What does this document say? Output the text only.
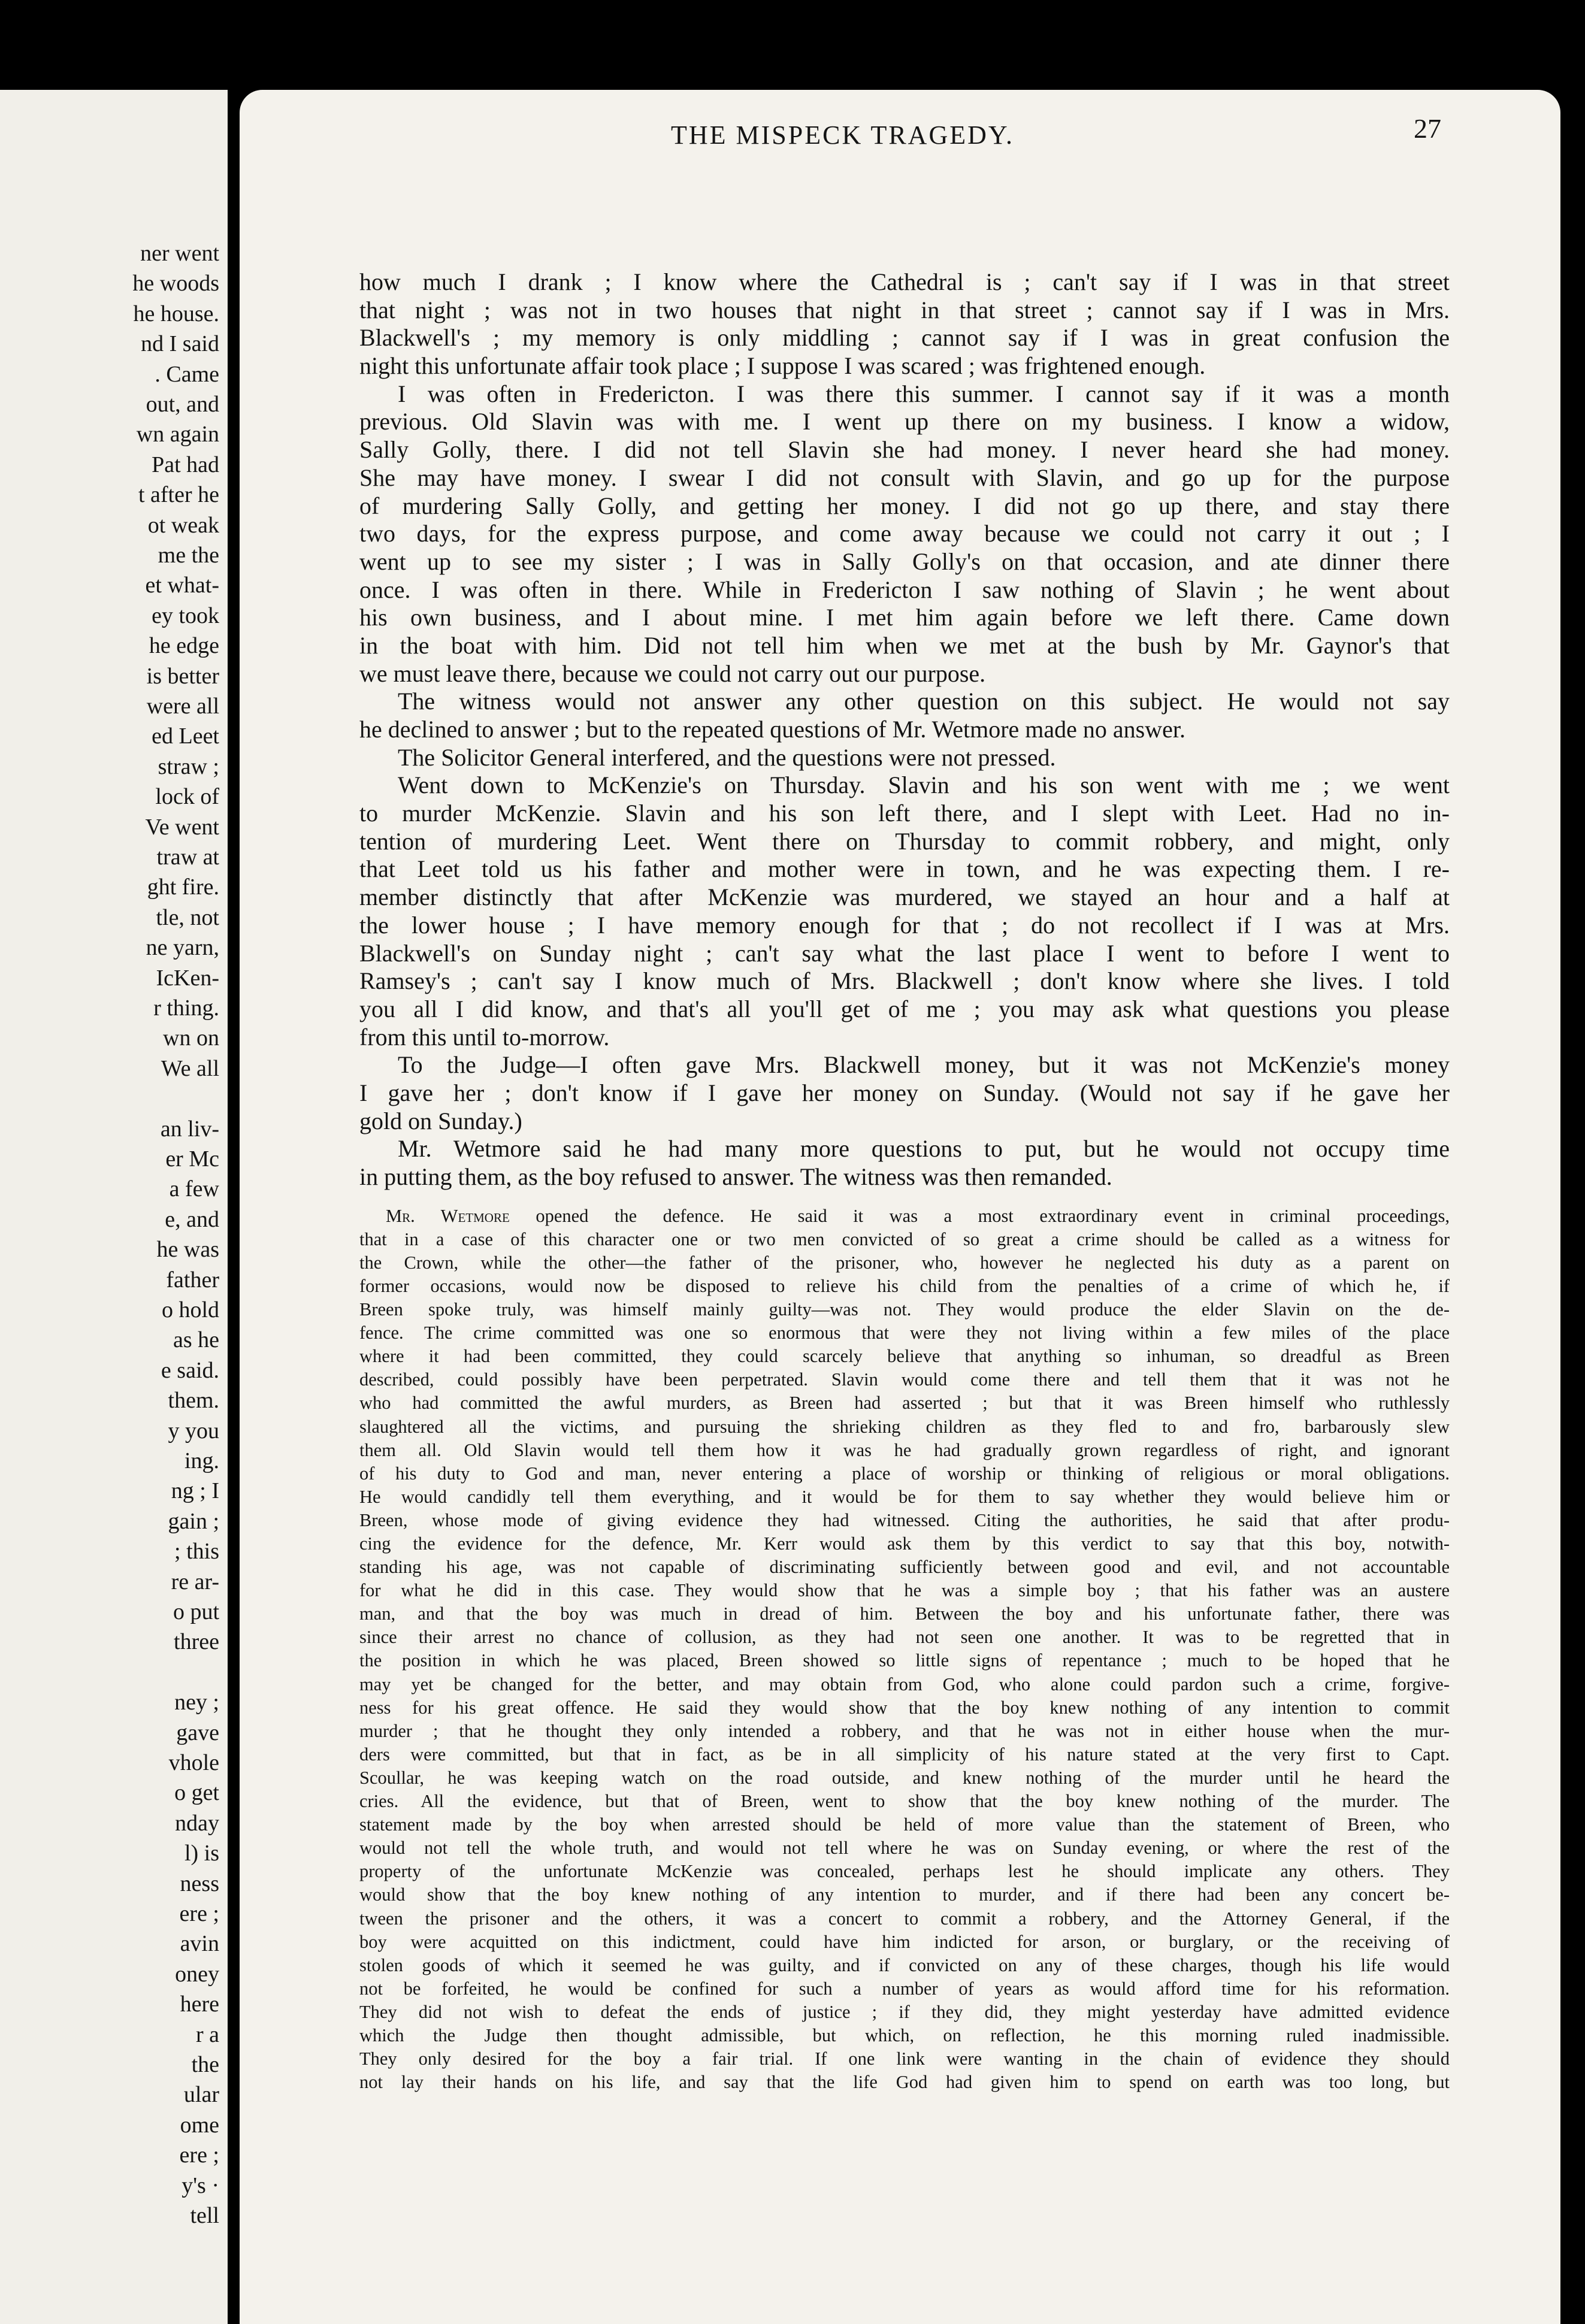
ner went
he woods
he house.
nd I said
. Came
out, and
wn again
Pat had
t after he
ot weak
me the
et what-
ey took
he edge
is better
were all
ed Leet
straw ;
lock of
Ve went
traw at
ght fire.
tle, not
ne yarn,
IcKen-
r thing.
wn on
We all
an liv-
er Mc
a few
e, and
he was
father
o hold
as he
e said.
them.
y you
ing.
ng ; I
gain ;
; this
re ar-
o put
three
ney ;
gave
vhole
o get
nday
l) is
ness
ere ;
avin
oney
here
r a
the
ular
ome
ere ;
y's ·
tell
THE MISPECK TRAGEDY.	27
how much I drank ; I know where the Cathedral is ; can't say if I was in that street
that night ; was not in two houses that night in that street ; cannot say if I was in Mrs.
Blackwell's ; my memory is only middling ; cannot say if I was in great confusion the
night this unfortunate affair took place ; I suppose I was scared ; was frightened enough.
I was often in Fredericton. I was there this summer. I cannot say if it was a month
previous. Old Slavin was with me. I went up there on my business. I know a widow,
Sally Golly, there. I did not tell Slavin she had money. I never heard she had money.
She may have money. I swear I did not consult with Slavin, and go up for the purpose
of murdering Sally Golly, and getting her money. I did not go up there, and stay there
two days, for the express purpose, and come away because we could not carry it out ; I
went up to see my sister ; I was in Sally Golly's on that occasion, and ate dinner there
once. I was often in there. While in Fredericton I saw nothing of Slavin ; he went about
his own business, and I about mine. I met him again before we left there. Came down
in the boat with him. Did not tell him when we met at the bush by Mr. Gaynor's that
we must leave there, because we could not carry out our purpose.
The witness would not answer any other question on this subject. He would not say
he declined to answer ; but to the repeated questions of Mr. Wetmore made no answer.
The Solicitor General interfered, and the questions were not pressed.
Went down to McKenzie's on Thursday. Slavin and his son went with me ; we went
to murder McKenzie. Slavin and his son left there, and I slept with Leet. Had no in-
tention of murdering Leet. Went there on Thursday to commit robbery, and might, only
that Leet told us his father and mother were in town, and he was expecting them. I re-
member distinctly that after McKenzie was murdered, we stayed an hour and a half at
the lower house ; I have memory enough for that ; do not recollect if I was at Mrs.
Blackwell's on Sunday night ; can't say what the last place I went to before I went to
Ramsey's ; can't say I know much of Mrs. Blackwell ; don't know where she lives. I told
you all I did know, and that's all you'll get of me ; you may ask what questions you please
from this until to-morrow.
To the Judge—I often gave Mrs. Blackwell money, but it was not McKenzie's money
I gave her ; don't know if I gave her money on Sunday. (Would not say if he gave her
gold on Sunday.)
Mr. Wetmore said he had many more questions to put, but he would not occupy time
in putting them, as the boy refused to answer. The witness was then remanded.
Mr. Wetmore opened the defence. He said it was a most extraordinary event in criminal proceedings,
that in a case of this character one or two men convicted of so great a crime should be called as a witness for
the Crown, while the other—the father of the prisoner, who, however he neglected his duty as a parent on
former occasions, would now be disposed to relieve his child from the penalties of a crime of which he, if
Breen spoke truly, was himself mainly guilty—was not. They would produce the elder Slavin on the de-
fence. The crime committed was one so enormous that were they not living within a few miles of the place
where it had been committed, they could scarcely believe that anything so inhuman, so dreadful as Breen
described, could possibly have been perpetrated. Slavin would come there and tell them that it was not he
who had committed the awful murders, as Breen had asserted ; but that it was Breen himself who ruthlessly
slaughtered all the victims, and pursuing the shrieking children as they fled to and fro, barbarously slew
them all. Old Slavin would tell them how it was he had gradually grown regardless of right, and ignorant
of his duty to God and man, never entering a place of worship or thinking of religious or moral obligations.
He would candidly tell them everything, and it would be for them to say whether they would believe him or
Breen, whose mode of giving evidence they had witnessed. Citing the authorities, he said that after produ-
cing the evidence for the defence, Mr. Kerr would ask them by this verdict to say that this boy, notwith-
standing his age, was not capable of discriminating sufficiently between good and evil, and not accountable
for what he did in this case. They would show that he was a simple boy ; that his father was an austere
man, and that the boy was much in dread of him. Between the boy and his unfortunate father, there was
since their arrest no chance of collusion, as they had not seen one another. It was to be regretted that in
the position in which he was placed, Breen showed so little signs of repentance ; much to be hoped that he
may yet be changed for the better, and may obtain from God, who alone could pardon such a crime, forgive-
ness for his great offence. He said they would show that the boy knew nothing of any intention to commit
murder ; that he thought they only intended a robbery, and that he was not in either house when the mur-
ders were committed, but that in fact, as be in all simplicity of his nature stated at the very first to Capt.
Scoullar, he was keeping watch on the road outside, and knew nothing of the murder until he heard the
cries. All the evidence, but that of Breen, went to show that the boy knew nothing of the murder. The
statement made by the boy when arrested should be held of more value than the statement of Breen, who
would not tell the whole truth, and would not tell where he was on Sunday evening, or where the rest of the
property of the unfortunate McKenzie was concealed, perhaps lest he should implicate any others. They
would show that the boy knew nothing of any intention to murder, and if there had been any concert be-
tween the prisoner and the others, it was a concert to commit a robbery, and the Attorney General, if the
boy were acquitted on this indictment, could have him indicted for arson, or burglary, or the receiving of
stolen goods of which it seemed he was guilty, and if convicted on any of these charges, though his life would
not be forfeited, he would be confined for such a number of years as would afford time for his reformation.
They did not wish to defeat the ends of justice ; if they did, they might yesterday have admitted evidence
which the Judge then thought admissible, but which, on reflection, he this morning ruled inadmissible.
They only desired for the boy a fair trial. If one link were wanting in the chain of evidence they should
not lay their hands on his life, and say that the life God had given him to spend on earth was too long, but
